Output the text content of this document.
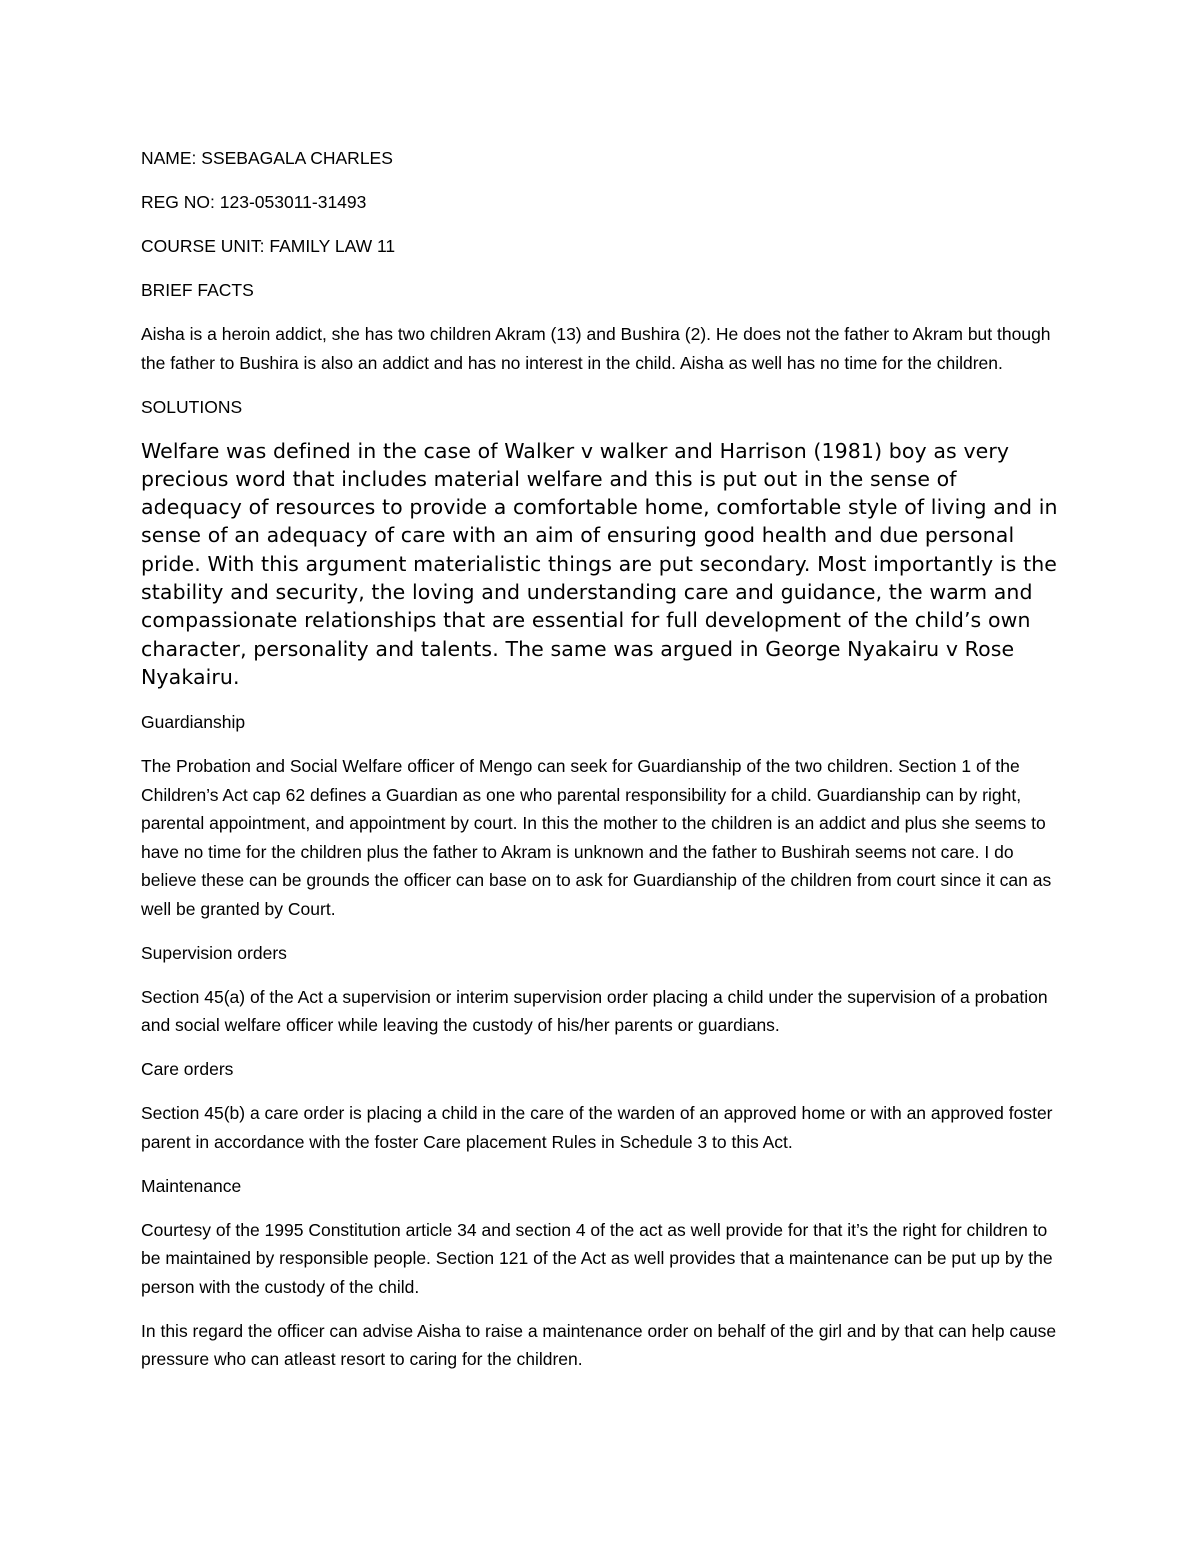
NAME: SSEBAGALA CHARLES

REG NO: 123-053011-31493

COURSE UNIT: FAMILY LAW 11

BRIEF FACTS

Aisha is a heroin addict, she has two children Akram (13) and Bushira (2). He does not the father to Akram but though the father to Bushira is also an addict and has no interest in the child. Aisha as well has no time for the children.

SOLUTIONS

Welfare was defined in the case of Walker v walker and Harrison (1981) boy as very precious word that includes material welfare and this is put out in the sense of adequacy of resources to provide a comfortable home, comfortable style of living and in sense of an adequacy of care with an aim of ensuring good health and due personal pride. With this argument materialistic things are put secondary. Most importantly is the stability and security, the loving and understanding care and guidance, the warm and compassionate relationships that are essential for full development of the child’s own character, personality and talents. The same was argued in George Nyakairu v Rose Nyakairu.

Guardianship

The Probation and Social Welfare officer of Mengo can seek for Guardianship of the two children. Section 1 of the Children’s Act cap 62 defines a Guardian as one who parental responsibility for a child. Guardianship can by right, parental appointment, and appointment by court. In this the mother to the children is an addict and plus she seems to have no time for the children plus the father to Akram is unknown and the father to Bushirah seems not care. I do believe these can be grounds the officer can base on to ask for Guardianship of the children from court since it can as well be granted by Court.

Supervision orders

Section 45(a) of the Act a supervision or interim supervision order placing a child under the supervision of a probation and social welfare officer while leaving the custody of his/her parents or guardians.

Care orders

Section 45(b) a care order is placing a child in the care of the warden of an approved home or with an approved foster parent in accordance with the foster Care placement Rules in Schedule 3 to this Act.

Maintenance

Courtesy of the 1995 Constitution article 34 and section 4 of the act as well provide for that it’s the right for children to be maintained by responsible people. Section 121 of the Act as well provides that a maintenance can be put up by the person with the custody of the child.

In this regard the officer can advise Aisha to raise a maintenance order on behalf of the girl and by that can help cause pressure who can atleast resort to caring for the children.
